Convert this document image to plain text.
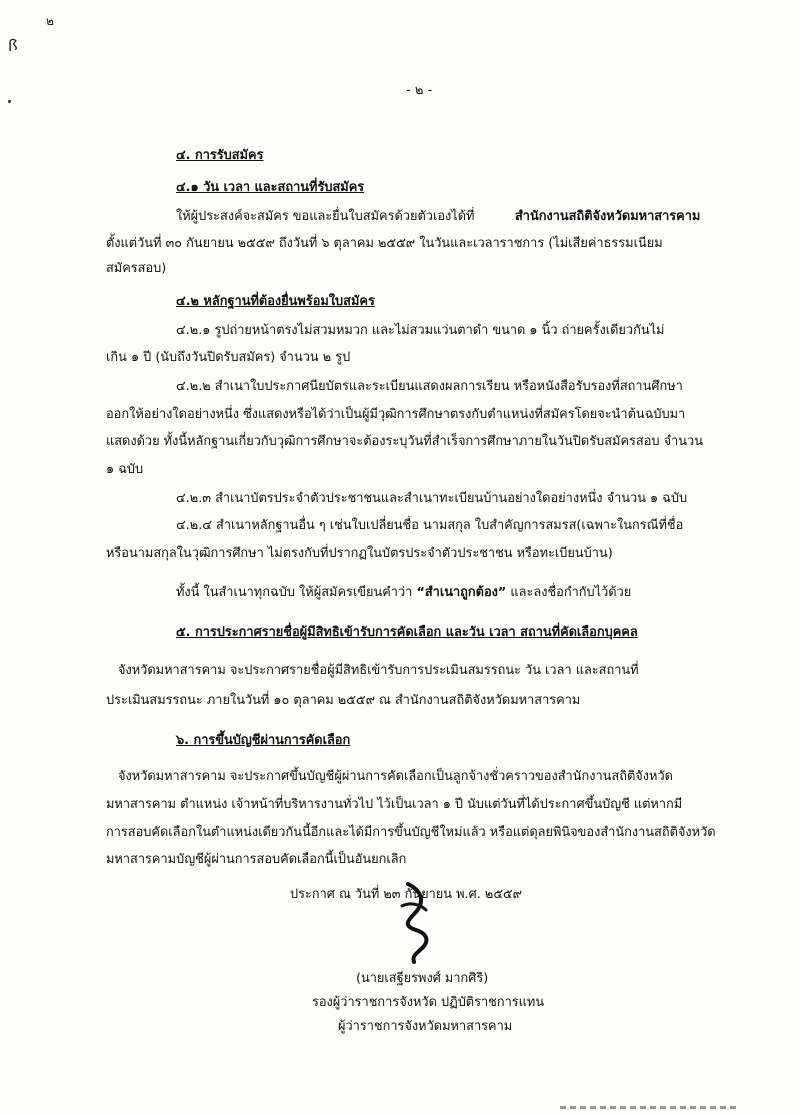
๒
ꟗ
- ๒ -
๔. การรับสมัคร
๔.๑ วัน เวลา และสถานที่รับสมัคร
ให้ผู้ประสงค์จะสมัคร ขอและยื่นใบสมัครด้วยตัวเองได้ที่	สำนักงานสถิติจังหวัดมหาสารคาม
ตั้งแต่วันที่ ๓๐ กันยายน ๒๕๕๙ ถึงวันที่ ๖ ตุลาคม ๒๕๕๙ ในวันและเวลาราชการ (ไม่เสียค่าธรรมเนียม
สมัครสอบ)
๔.๒ หลักฐานที่ต้องยื่นพร้อมใบสมัคร
๔.๒.๑ รูปถ่ายหน้าตรงไม่สวมหมวก และไม่สวมแว่นตาดำ ขนาด ๑ นิ้ว ถ่ายครั้งเดียวกันไม่
เกิน ๑ ปี (นับถึงวันปิดรับสมัคร) จำนวน ๒ รูป
๔.๒.๒ สำเนาใบประกาศนียบัตรและระเบียนแสดงผลการเรียน หรือหนังสือรับรองที่สถานศึกษา
ออกให้อย่างใดอย่างหนึ่ง ซึ่งแสดงหรือได้ว่าเป็นผู้มีวุฒิการศึกษาตรงกับตำแหน่งที่สมัครโดยจะนำต้นฉบับมา
แสดงด้วย ทั้งนี้หลักฐานเกี่ยวกับวุฒิการศึกษาจะต้องระบุวันที่สำเร็จการศึกษาภายในวันปิดรับสมัครสอบ จำนวน
๑ ฉบับ
๔.๒.๓ สำเนาบัตรประจำตัวประชาชนและสำเนาทะเบียนบ้านอย่างใดอย่างหนึ่ง จำนวน ๑ ฉบับ
๔.๒.๔ สำเนาหลักฐานอื่น ๆ เช่นใบเปลี่ยนชื่อ นามสกุล ใบสำคัญการสมรส(เฉพาะในกรณีที่ชื่อ
หรือนามสกุลในวุฒิการศึกษา ไม่ตรงกับที่ปรากฏในบัตรประจำตัวประชาชน หรือทะเบียนบ้าน)
ทั้งนี้ ในสำเนาทุกฉบับ ให้ผู้สมัครเขียนคำว่า “สำเนาถูกต้อง” และลงชื่อกำกับไว้ด้วย
๕. การประกาศรายชื่อผู้มีสิทธิเข้ารับการคัดเลือก และวัน เวลา สถานที่คัดเลือกบุคคล
จังหวัดมหาสารคาม จะประกาศรายชื่อผู้มีสิทธิเข้ารับการประเมินสมรรถนะ วัน เวลา และสถานที่
ประเมินสมรรถนะ ภายในวันที่ ๑๐ ตุลาคม ๒๕๕๙ ณ สำนักงานสถิติจังหวัดมหาสารคาม
๖. การขึ้นบัญชีผ่านการคัดเลือก
จังหวัดมหาสารคาม จะประกาศขึ้นบัญชีผู้ผ่านการคัดเลือกเป็นลูกจ้างชั่วคราวของสำนักงานสถิติจังหวัด
มหาสารคาม ตำแหน่ง เจ้าหน้าที่บริหารงานทั่วไป ไว้เป็นเวลา ๑ ปี นับแต่วันที่ได้ประกาศขึ้นบัญชี แต่หากมี
การสอบคัดเลือกในตำแหน่งเดียวกันนี้อีกและได้มีการขึ้นบัญชีใหม่แล้ว หรือแต่ดุลยพินิจของสำนักงานสถิติจังหวัด
มหาสารคามบัญชีผู้ผ่านการสอบคัดเลือกนี้เป็นอันยกเลิก
ประกาศ ณ วันที่ ๒๓ กันยายน พ.ศ. ๒๕๕๙
(นายเสฐียรพงศ์ มากศิริ)
รองผู้ว่าราชการจังหวัด ปฏิบัติราชการแทน
ผู้ว่าราชการจังหวัดมหาสารคาม
